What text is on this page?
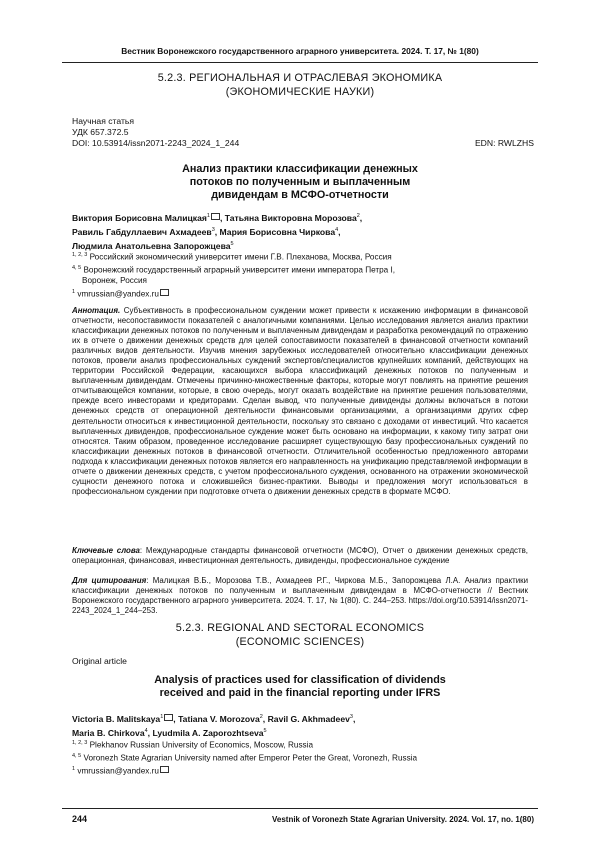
Вестник Воронежского государственного аграрного университета. 2024. Т. 17, № 1(80)
5.2.3. РЕГИОНАЛЬНАЯ И ОТРАСЛЕВАЯ ЭКОНОМИКА
(ЭКОНОМИЧЕСКИЕ НАУКИ)
Научная статья
УДК 657.372.5
DOI: 10.53914/issn2071-2243_2024_1_244	EDN: RWLZHS
Анализ практики классификации денежных
потоков по полученным и выплаченным
дивидендам в МСФО-отчетности
Виктория Борисовна Малицкая$^1$ , Татьяна Викторовна Морозова$^2$,
Равиль Габдуллаевич Ахмадеев$^3$, Мария Борисовна Чиркова$^4$,
Людмила Анатольевна Запорожцева$^5$
$^{1, 2, 3}$ Российский экономический университет имени Г.В. Плеханова, Москва, Россия
$^{4, 5}$ Воронежский государственный аграрный университет имени императора Петра I,
Воронеж, Россия
$^1$ vmrussian@yandex.ru
Аннотация. Субъективность в профессиональном суждении может привести к искажению информации в финансовой отчетности, несопоставимости показателей с аналогичными компаниями. Целью исследования является анализ практики классификации денежных потоков по полученным и выплаченным дивидендам и разработка рекомендаций по отражению их в отчете о движении денежных средств для целей сопоставимости показателей в финансовой отчетности компаний различных видов деятельности. Изучив мнения зарубежных исследователей относительно классификации денежных потоков, провели анализ профессиональных суждений экспертов/специалистов крупнейших компаний, действующих на территории Российской Федерации, касающихся выбора классификаций денежных потоков по полученным и выплаченным дивидендам. Отмечены причинно-множественные факторы, которые могут повлиять на принятие решения отчитывающейся компании, которые, в свою очередь, могут оказать воздействие на принятие решения пользователями, прежде всего инвесторами и кредиторами. Сделан вывод, что полученные дивиденды должны включаться в потоки денежных средств от операционной деятельности финансовыми организациями, а организациями других сфер деятельности относиться к инвестиционной деятельности, поскольку это связано с доходами от инвестиций. Что касается выплаченных дивидендов, профессиональное суждение может быть основано на информации, к какому типу затрат они относятся. Таким образом, проведенное исследование расширяет существующую базу профессиональных суждений по классификации денежных потоков в финансовой отчетности. Отличительной особенностью предложенного авторами подхода к классификации денежных потоков является его направленность на унификацию представляемой информации в отчете о движении денежных средств, с учетом профессионального суждения, основанного на отражении экономической сущности денежного потока и сложившейся бизнес-практики. Выводы и предложения могут использоваться в профессиональном суждении при подготовке отчета о движении денежных средств в формате МСФО.
Ключевые слова: Международные стандарты финансовой отчетности (МСФО), Отчет о движении денежных средств, операционная, финансовая, инвестиционная деятельность, дивиденды, профессиональное суждение
Для цитирования: Малицкая В.Б., Морозова Т.В., Ахмадеев Р.Г., Чиркова М.Б., Запорожцева Л.А. Анализ практики классификации денежных потоков по полученным и выплаченным дивидендам в МСФО-отчетности // Вестник Воронежского государственного аграрного университета. 2024. Т. 17, № 1(80). С. 244–253. https://doi.org/10.53914/issn2071-2243_2024_1_244–253.
5.2.3. REGIONAL AND SECTORAL ECONOMICS
(ECONOMIC SCIENCES)
Original article
Analysis of practices used for classification of dividends
received and paid in the financial reporting under IFRS
Victoria B. Malitskaya$^1$ , Tatiana V. Morozova$^2$, Ravil G. Akhmadeev$^3$,
Maria B. Chirkova$^4$, Lyudmila A. Zaporozhtseva$^5$
$^{1, 2, 3}$ Plekhanov Russian University of Economics, Moscow, Russia
$^{4, 5}$ Voronezh State Agrarian University named after Emperor Peter the Great, Voronezh, Russia
$^1$ vmrussian@yandex.ru
244	Vestnik of Voronezh State Agrarian University. 2024. Vol. 17, no. 1(80)
